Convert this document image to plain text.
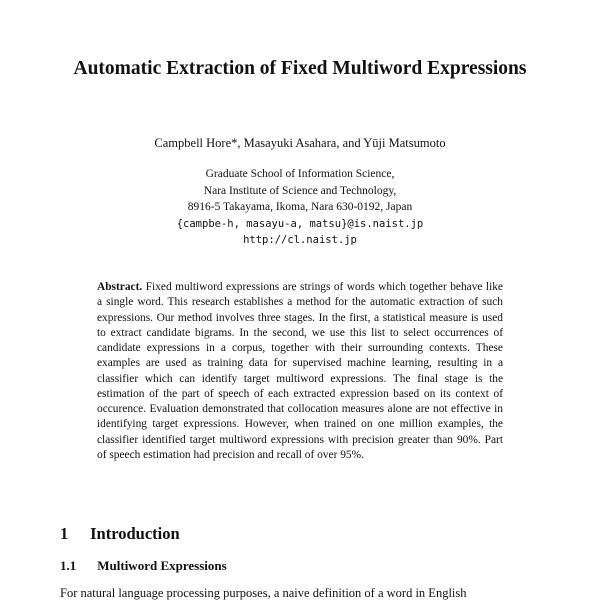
Automatic Extraction of Fixed Multiword Expressions
Campbell Hore*, Masayuki Asahara, and Yūji Matsumoto
Graduate School of Information Science,
Nara Institute of Science and Technology,
8916-5 Takayama, Ikoma, Nara 630-0192, Japan
{campbe-h, masayu-a, matsu}@is.naist.jp
http://cl.naist.jp
Abstract. Fixed multiword expressions are strings of words which together behave like a single word. This research establishes a method for the automatic extraction of such expressions. Our method involves three stages. In the first, a statistical measure is used to extract candidate bigrams. In the second, we use this list to select occurrences of candidate expressions in a corpus, together with their surrounding contexts. These examples are used as training data for supervised machine learning, resulting in a classifier which can identify target multiword expressions. The final stage is the estimation of the part of speech of each extracted expression based on its context of occurence. Evaluation demonstrated that collocation measures alone are not effective in identifying target expressions. However, when trained on one million examples, the classifier identified target multiword expressions with precision greater than 90%. Part of speech estimation had precision and recall of over 95%.
1 Introduction
1.1 Multiword Expressions
For natural language processing purposes, a naive definition of a word in English
